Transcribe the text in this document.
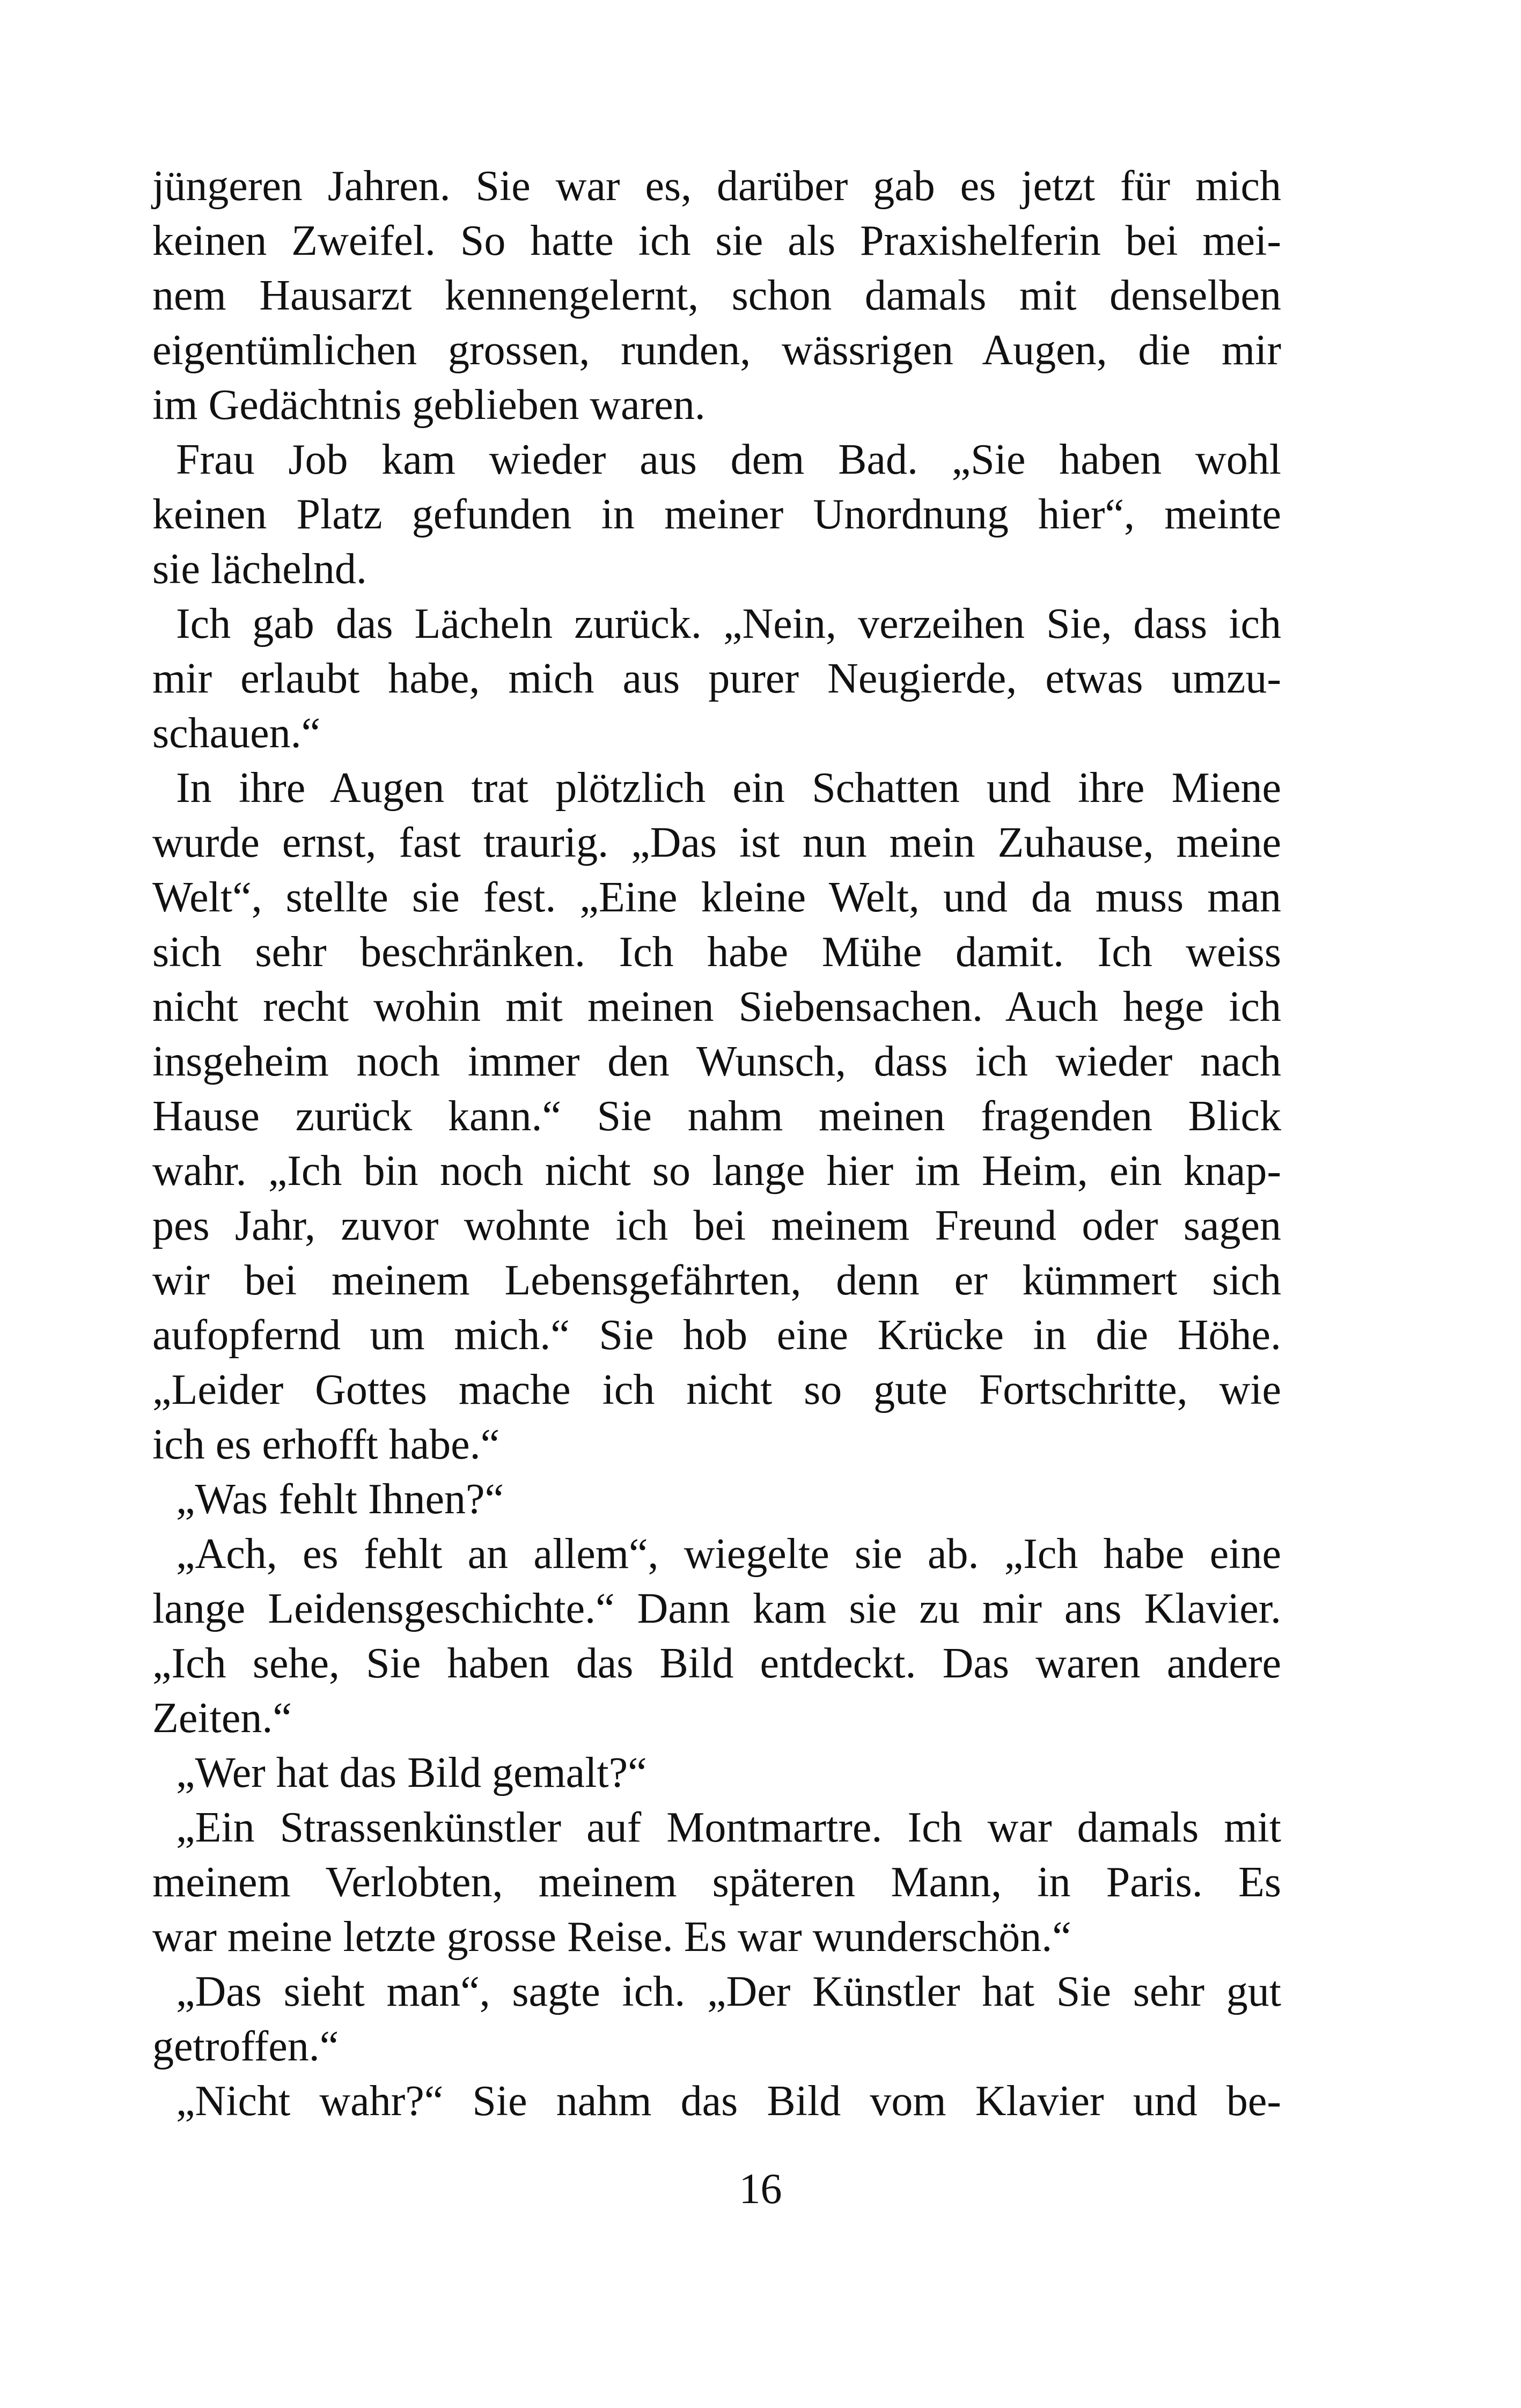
jüngeren Jahren. Sie war es, darüber gab es jetzt für mich
keinen Zweifel. So hatte ich sie als Praxishelferin bei mei-
nem Hausarzt kennengelernt, schon damals mit denselben
eigentümlichen grossen, runden, wässrigen Augen, die mir
im Gedächtnis geblieben waren.
Frau Job kam wieder aus dem Bad. „Sie haben wohl
keinen Platz gefunden in meiner Unordnung hier“, meinte
sie lächelnd.
Ich gab das Lächeln zurück. „Nein, verzeihen Sie, dass ich
mir erlaubt habe, mich aus purer Neugierde, etwas umzu-
schauen.“
In ihre Augen trat plötzlich ein Schatten und ihre Miene
wurde ernst, fast traurig. „Das ist nun mein Zuhause, meine
Welt“, stellte sie fest. „Eine kleine Welt, und da muss man
sich sehr beschränken. Ich habe Mühe damit. Ich weiss
nicht recht wohin mit meinen Siebensachen. Auch hege ich
insgeheim noch immer den Wunsch, dass ich wieder nach
Hause zurück kann.“ Sie nahm meinen fragenden Blick
wahr. „Ich bin noch nicht so lange hier im Heim, ein knap-
pes Jahr, zuvor wohnte ich bei meinem Freund oder sagen
wir bei meinem Lebensgefährten, denn er kümmert sich
aufopfernd um mich.“ Sie hob eine Krücke in die Höhe.
„Leider Gottes mache ich nicht so gute Fortschritte, wie
ich es erhofft habe.“
„Was fehlt Ihnen?“
„Ach, es fehlt an allem“, wiegelte sie ab. „Ich habe eine
lange Leidensgeschichte.“ Dann kam sie zu mir ans Klavier.
„Ich sehe, Sie haben das Bild entdeckt. Das waren andere
Zeiten.“
„Wer hat das Bild gemalt?“
„Ein Strassenkünstler auf Montmartre. Ich war damals mit
meinem Verlobten, meinem späteren Mann, in Paris. Es
war meine letzte grosse Reise. Es war wunderschön.“
„Das sieht man“, sagte ich. „Der Künstler hat Sie sehr gut
getroffen.“
„Nicht wahr?“ Sie nahm das Bild vom Klavier und be-
16
